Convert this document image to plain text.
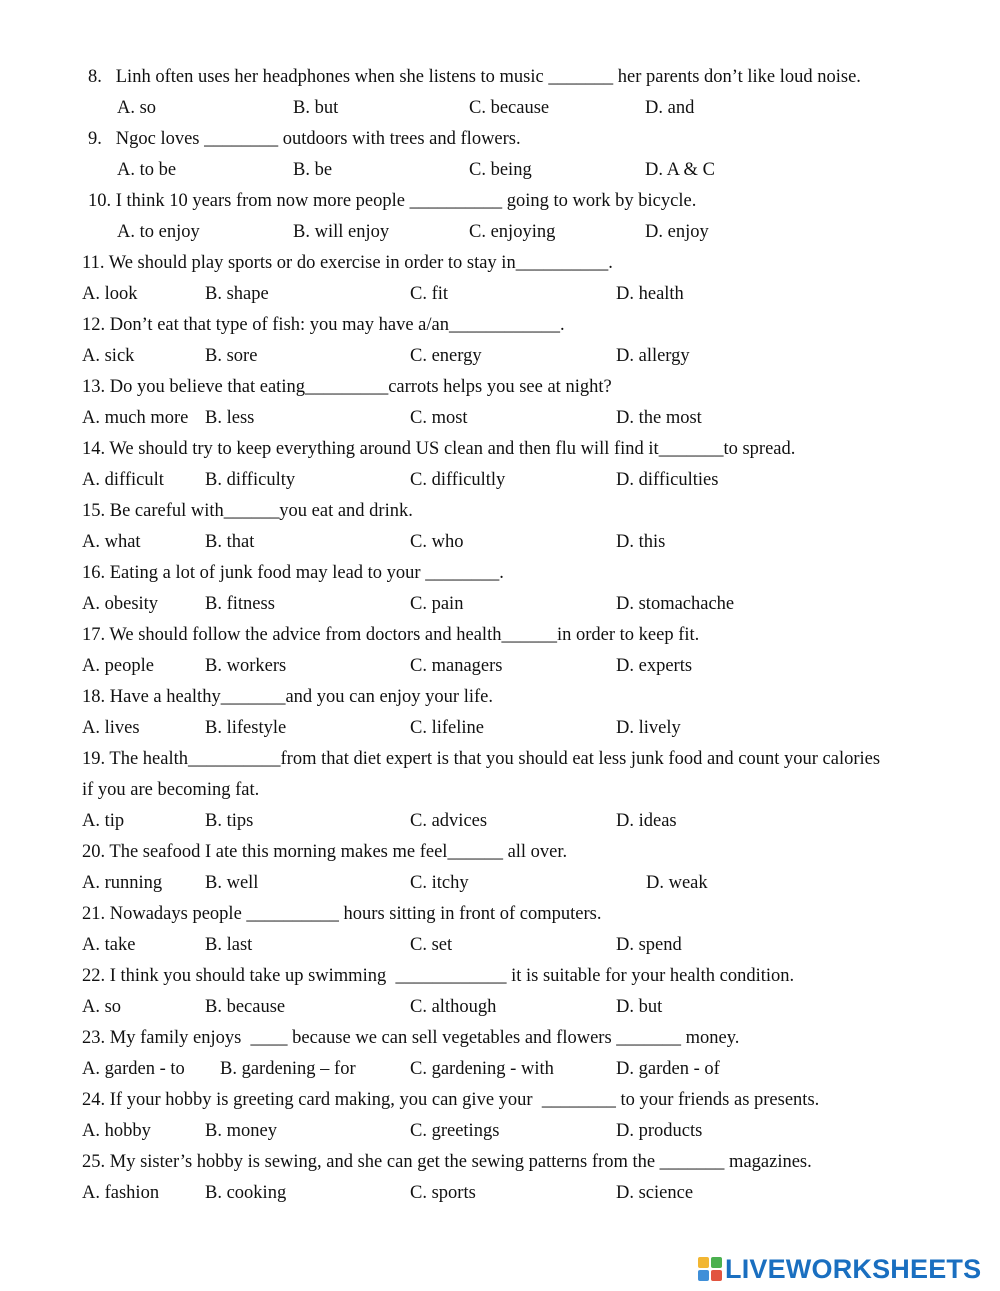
8.   Linh often uses her headphones when she listens to music _______ her parents don’t like loud noise.
A. so	B. but	C. because	D. and
9.   Ngoc loves ________ outdoors with trees and flowers.
A. to be	B. be	C. being	D. A & C
10. I think 10 years from now more people __________ going to work by bicycle.
A. to enjoy	B. will enjoy	C. enjoying	D. enjoy
11. We should play sports or do exercise in order to stay in__________.
A. look	B. shape	C. fit	D. health
12. Don’t eat that type of fish: you may have a/an____________.
A. sick	B. sore	C. energy	D. allergy
13. Do you believe that eating_________carrots helps you see at night?
A. much more B. less	C. most	D. the most
14. We should try to keep everything around US clean and then flu will find it_______to spread.
A. difficult B. difficulty	C. difficultly	D. difficulties
15. Be careful with______you eat and drink.
A. what	B. that	C. who	D. this
16. Eating a lot of junk food may lead to your ________.
A. obesity	B. fitness	C. pain	D. stomachache
17. We should follow the advice from doctors and health______in order to keep fit.
A. people	B. workers	C. managers	D. experts
18. Have a healthy_______and you can enjoy your life.
A. lives	B. lifestyle	C. lifeline	D. lively
19. The health__________from that diet expert is that you should eat less junk food and count your calories
if you are becoming fat.
A. tip	B. tips	C. advices	D. ideas
20. The seafood I ate this morning makes me feel______ all over.
A. running B. well	C. itchy	D. weak
21. Nowadays people __________ hours sitting in front of computers.
A. take	B. last	C. set	D. spend
22. I think you should take up swimming  ____________ it is suitable for your health condition.
A. so	B. because	C. although	D. but
23. My family enjoys  ____ because we can sell vegetables and flowers _______ money.
A. garden - to B. gardening – for	C. gardening - with	D. garden - of
24. If your hobby is greeting card making, you can give your  ________ to your friends as presents.
A. hobby	B. money	C. greetings	D. products
25. My sister’s hobby is sewing, and she can get the sewing patterns from the _______ magazines.
A. fashion B. cooking	C. sports	D. science
LIVEWORKSHEETS
